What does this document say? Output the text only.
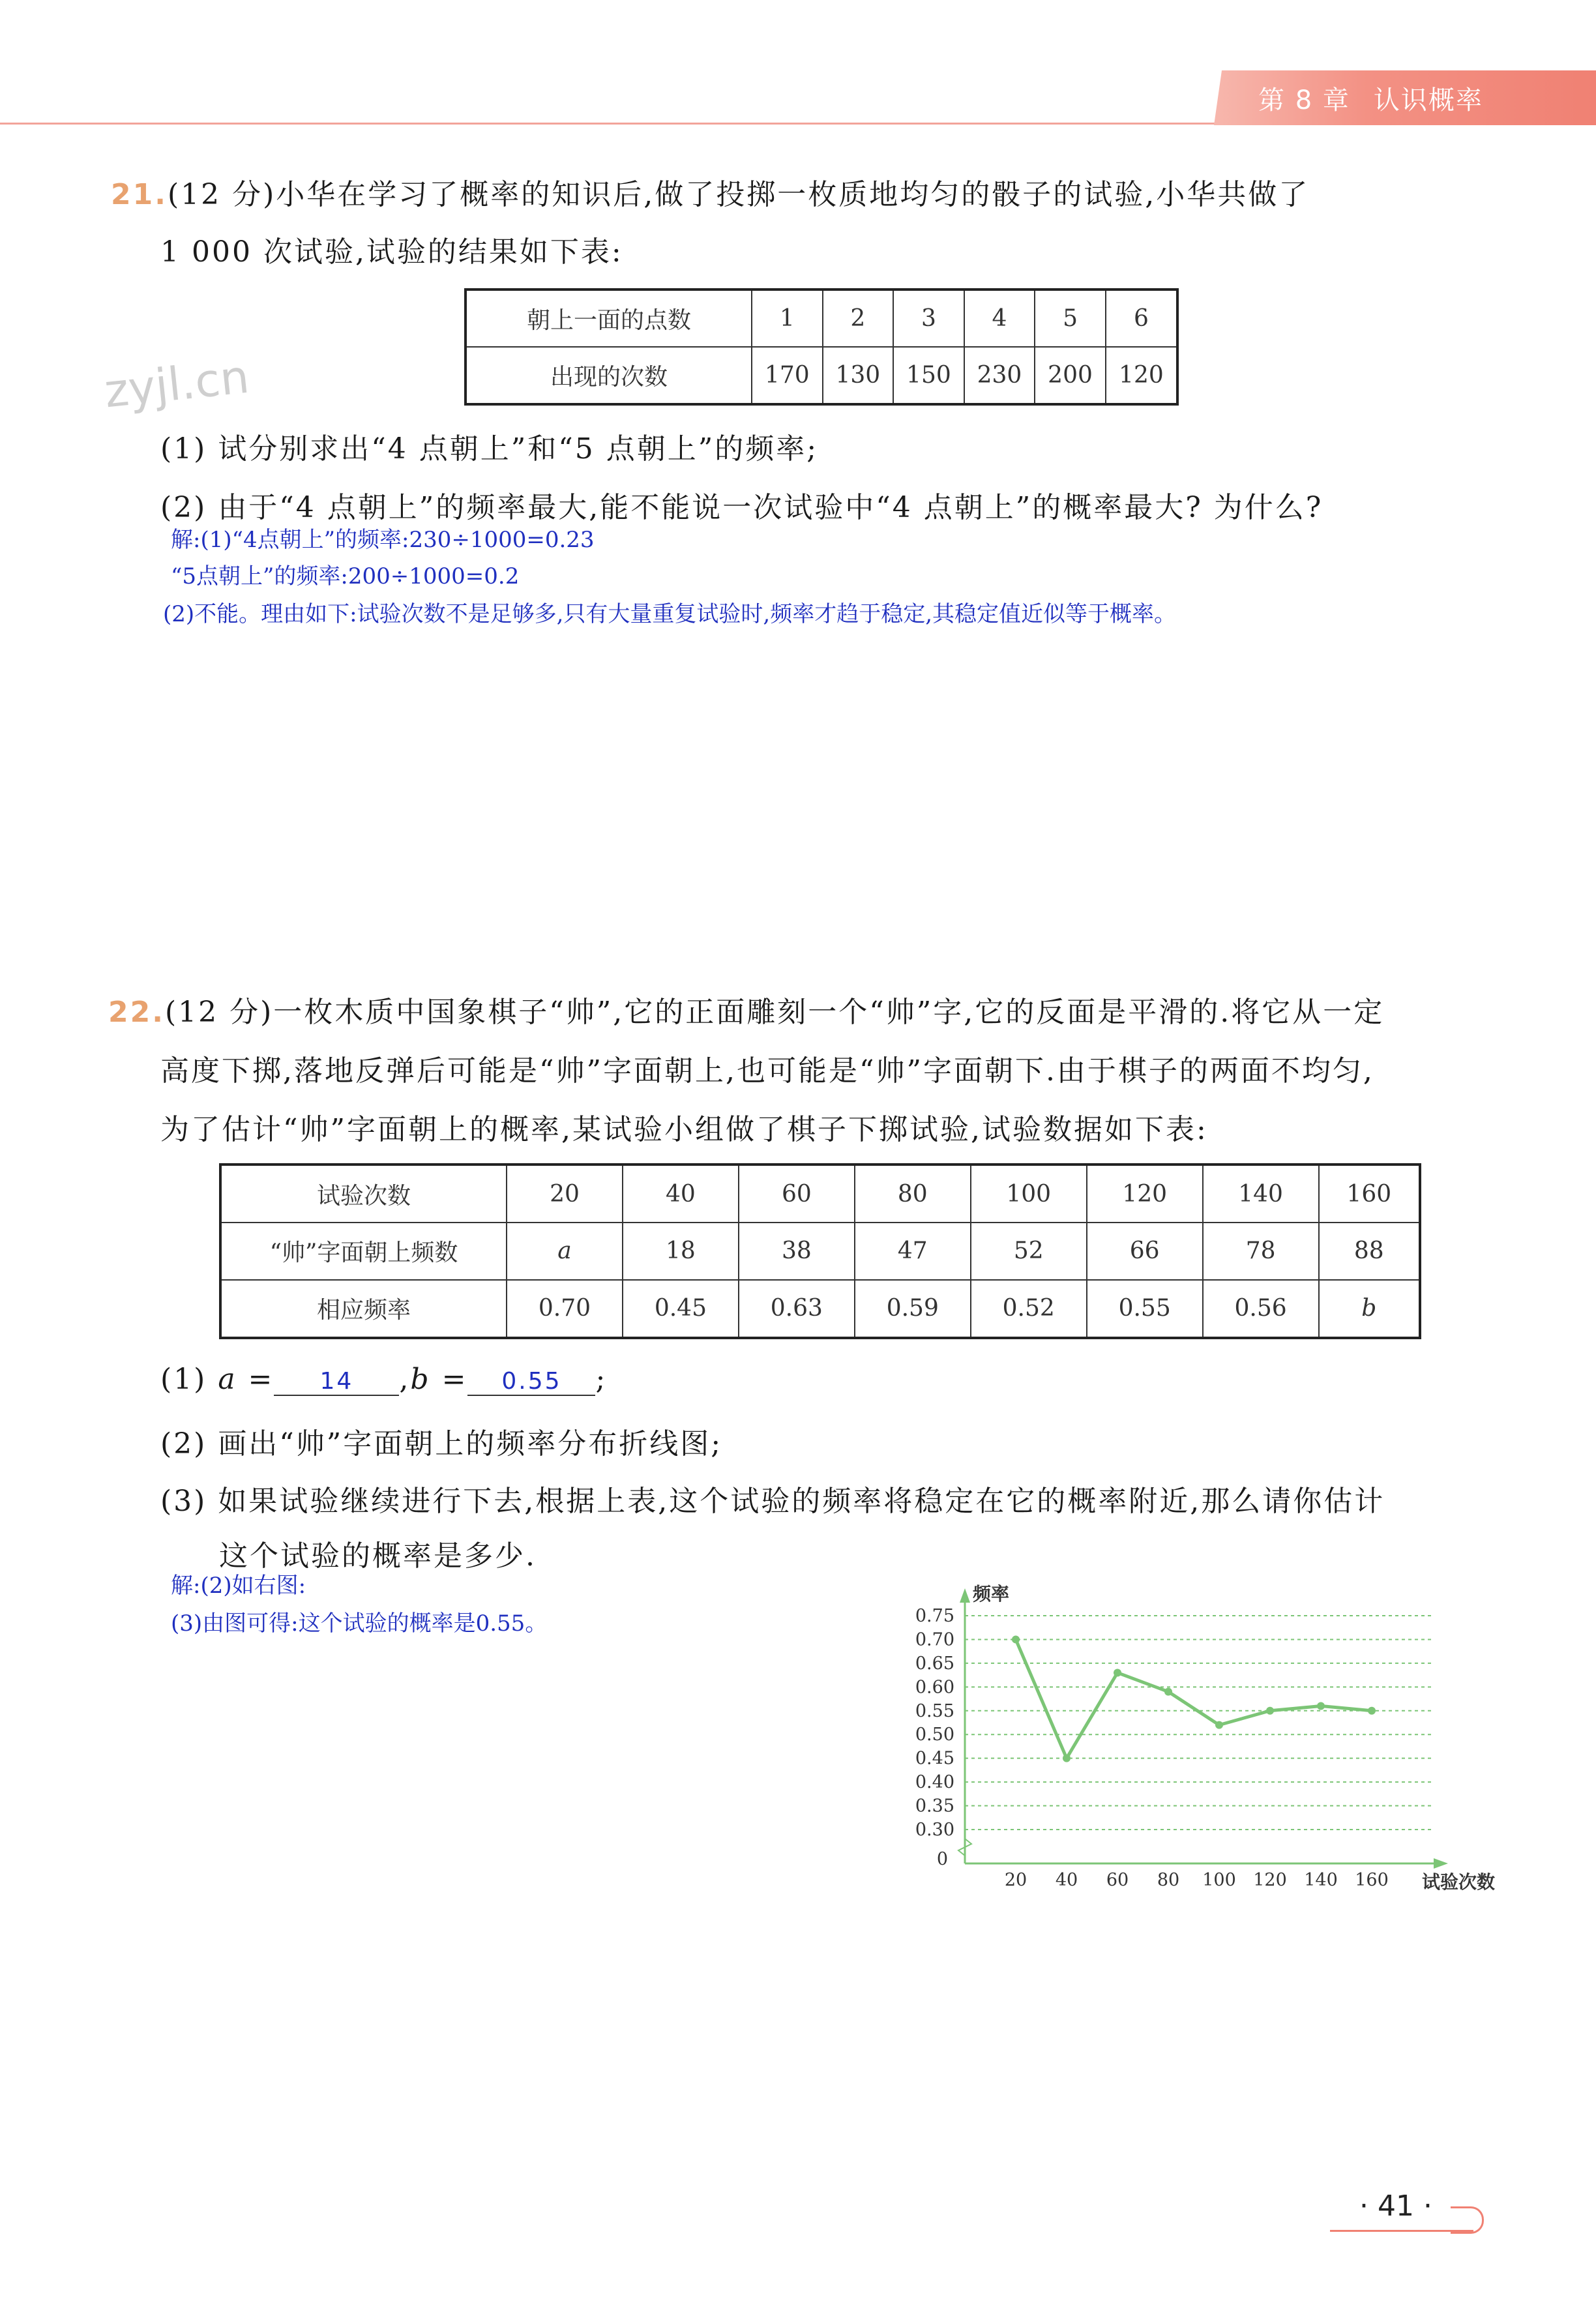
第 8 章 认识概率
zyjl.cn
21.(12 分)小华在学习了概率的知识后,做了投掷一枚质地均匀的骰子的试验,小华共做了
1 000 次试验,试验的结果如下表:
朝上一面的点数	1	2	3	4	5	6
出现的次数	170	130	150	230	200	120
(1) 试分别求出“4 点朝上”和“5 点朝上”的频率;
(2) 由于“4 点朝上”的频率最大,能不能说一次试验中“4 点朝上”的概率最大? 为什么?
解:(1)“4点朝上”的频率:230÷1000=0.23
“5点朝上”的频率:200÷1000=0.2
(2)不能。理由如下:试验次数不是足够多,只有大量重复试验时,频率才趋于稳定,其稳定值近似等于概率。
22.(12 分)一枚木质中国象棋子“帅”,它的正面雕刻一个“帅”字,它的反面是平滑的.将它从一定
高度下掷,落地反弹后可能是“帅”字面朝上,也可能是“帅”字面朝下.由于棋子的两面不均匀,
为了估计“帅”字面朝上的概率,某试验小组做了棋子下掷试验,试验数据如下表:
试验次数	20	40	60	80	100	120	140	160
“帅”字面朝上频数	a	18	38	47	52	66	78	88
相应频率	0.70	0.45	0.63	0.59	0.52	0.55	0.56	b
(1) a = 14 ,b = 0.55 ;
(2) 画出“帅”字面朝上的频率分布折线图;
(3) 如果试验继续进行下去,根据上表,这个试验的频率将稳定在它的概率附近,那么请你估计
这个试验的概率是多少.
解:(2)如右图:
(3)由图可得:这个试验的概率是0.55。	0.75
0.70
0.65
0.60
0.55
0.50
0.45
0.40
0.35
0.30
0
20 40 60 80 100 120 140 160
频率
试验次数
· 41 ·
